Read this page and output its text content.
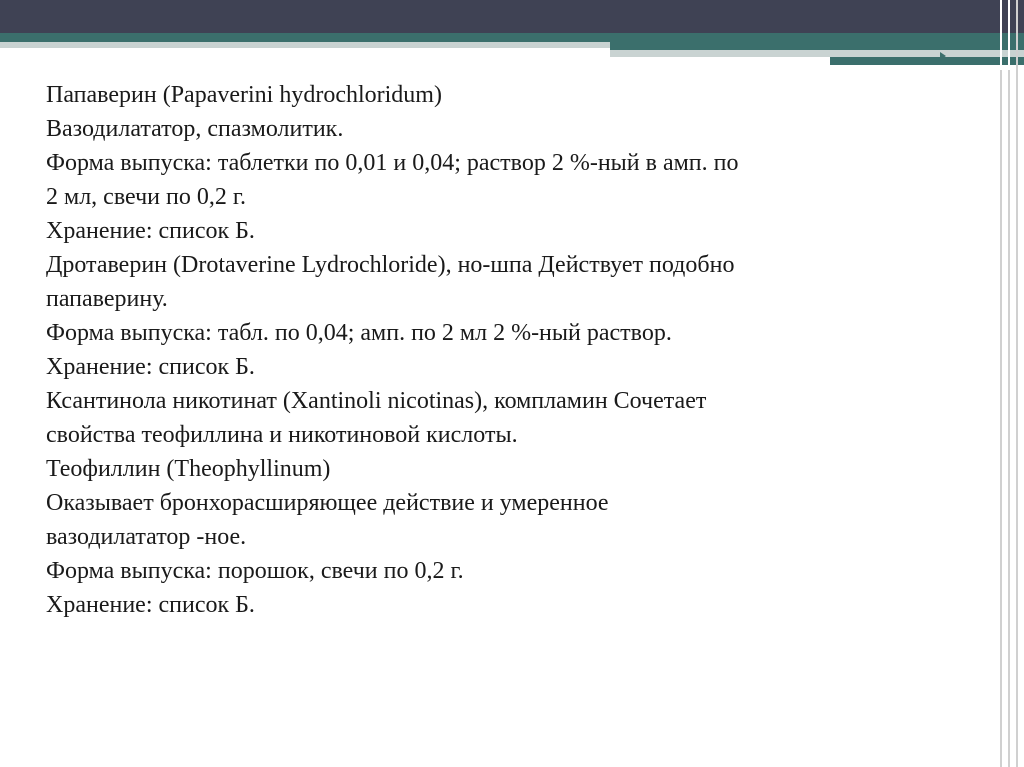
Папаверин (Papaverini hydrochloridum)

Вазодилататор, спазмолитик.

Форма выпуска: таблетки по 0,01 и 0,04; раствор 2 %-ный в амп. по

2 мл, свечи по 0,2 г.

Хранение: список Б.

Дротаверин (Drotaverine Lydrochloride), но-шпа Действует подобно

папаверину.

Форма выпуска: табл. по 0,04; амп. по 2 мл 2 %-ный раствор.

Хранение: список Б.

Ксантинола никотинат (Xantinoli nicotinas), компламин Сочетает

свойства теофиллина и никотиновой кислоты.

Теофиллин (Theophyllinum)

Оказывает бронхорасширяющее действие и умеренное

вазодилататор -ное.

Форма выпуска: порошок, свечи по 0,2 г.

Хранение: список Б.
